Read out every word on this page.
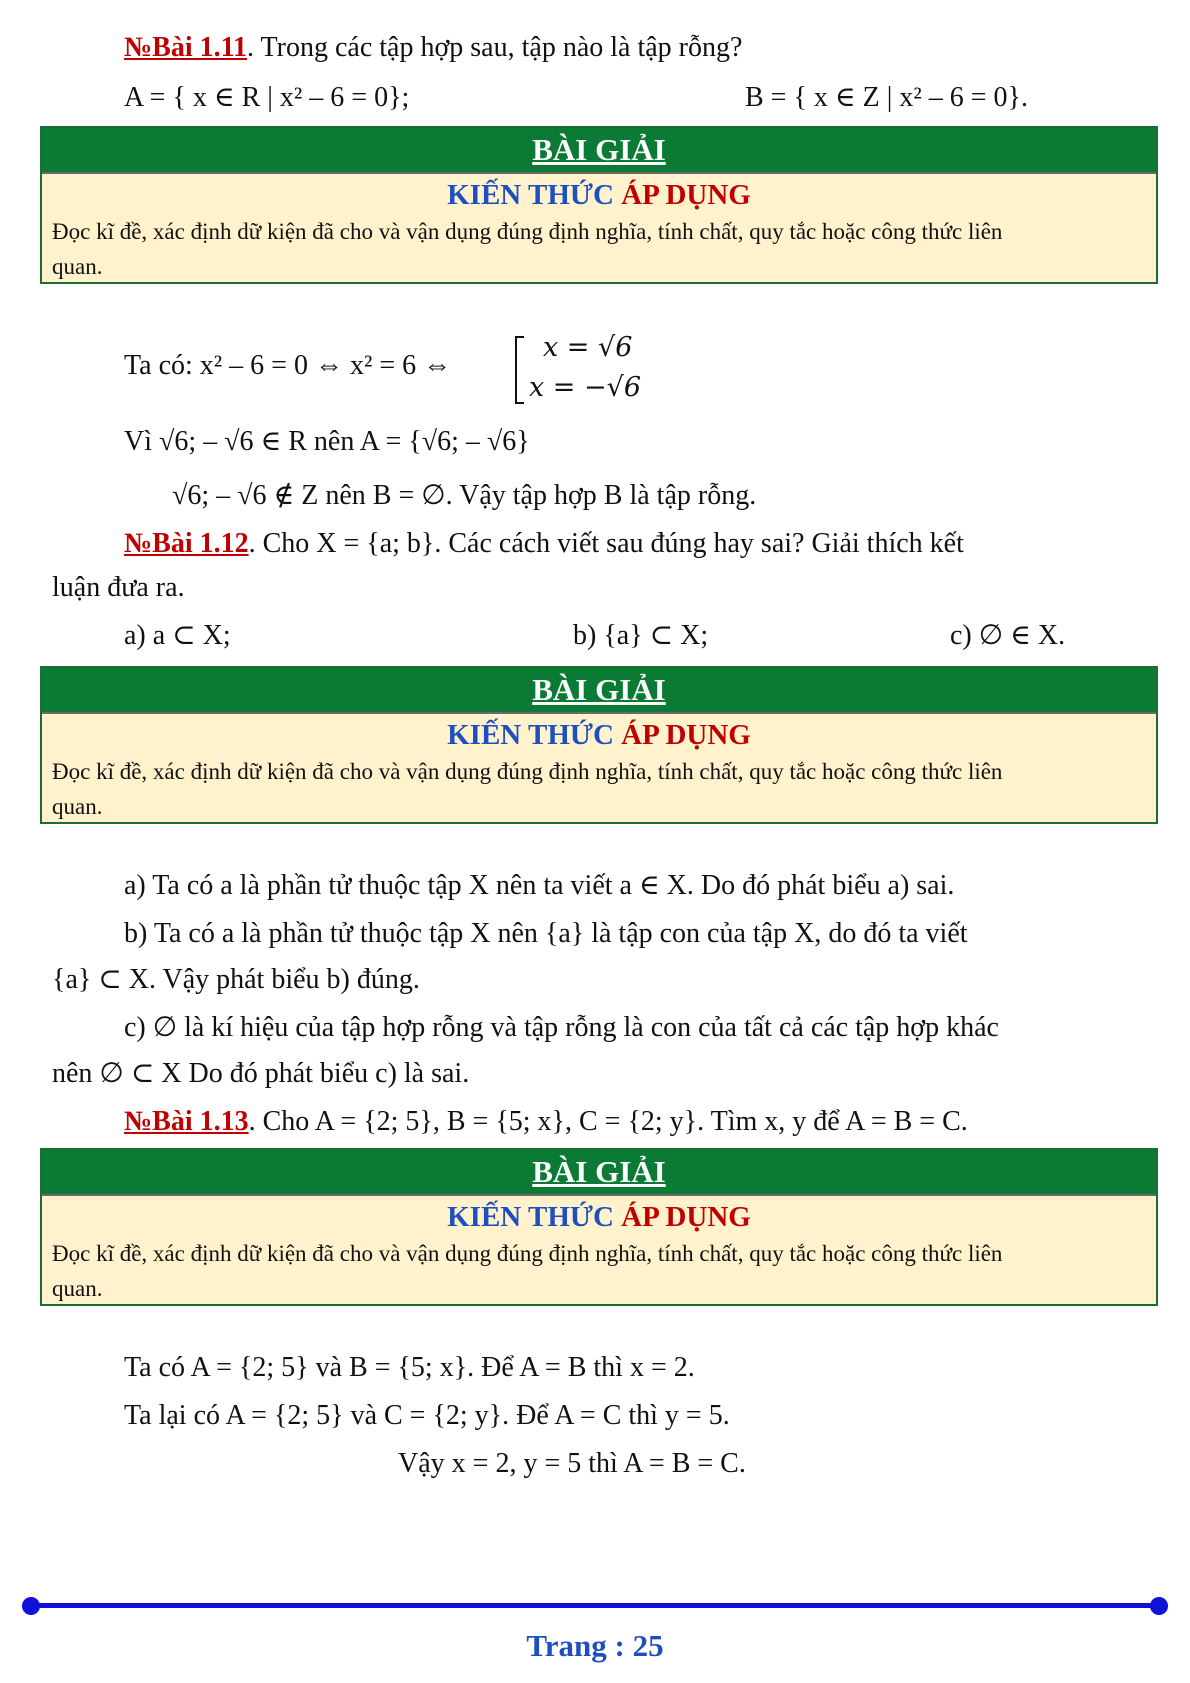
№Bài 1.11. Trong các tập hợp sau, tập nào là tập rỗng?
A = { x ∈ R | x² – 6 = 0};	B = { x ∈ Z | x² – 6 = 0}.
BÀI GIẢI
KIẾN THỨC ÁP DỤNG
Đọc kĩ đề, xác định dữ kiện đã cho và vận dụng đúng định nghĩa, tính chất, quy tắc hoặc công thức liên
quan.
Ta có: x² – 6 = 0 ⇔ x² = 6 ⇔
x = √6
x = −√6
Vì √6; – √6 ∈ R nên A = {√6; – √6}
√6; – √6 ∉ Z nên B = ∅. Vậy tập hợp B là tập rỗng.
№Bài 1.12. Cho X = {a; b}. Các cách viết sau đúng hay sai? Giải thích kết
luận đưa ra.
a) a ⊂ X;	b) {a} ⊂ X;	c) ∅ ∈ X.
BÀI GIẢI
KIẾN THỨC ÁP DỤNG
Đọc kĩ đề, xác định dữ kiện đã cho và vận dụng đúng định nghĩa, tính chất, quy tắc hoặc công thức liên
quan.
a) Ta có a là phần tử thuộc tập X nên ta viết a ∈ X. Do đó phát biểu a) sai.
b) Ta có a là phần tử thuộc tập X nên {a} là tập con của tập X, do đó ta viết
{a} ⊂ X. Vậy phát biểu b) đúng.
c) ∅ là kí hiệu của tập hợp rỗng và tập rỗng là con của tất cả các tập hợp khác
nên ∅ ⊂ X Do đó phát biểu c) là sai.
№Bài 1.13. Cho A = {2; 5}, B = {5; x}, C = {2; y}. Tìm x, y để A = B = C.
BÀI GIẢI
KIẾN THỨC ÁP DỤNG
Đọc kĩ đề, xác định dữ kiện đã cho và vận dụng đúng định nghĩa, tính chất, quy tắc hoặc công thức liên
quan.
Ta có A = {2; 5} và B = {5; x}. Để A = B thì x = 2.
Ta lại có A = {2; 5} và C = {2; y}. Để A = C thì y = 5.
Vậy x = 2, y = 5 thì A = B = C.
Trang : 25
